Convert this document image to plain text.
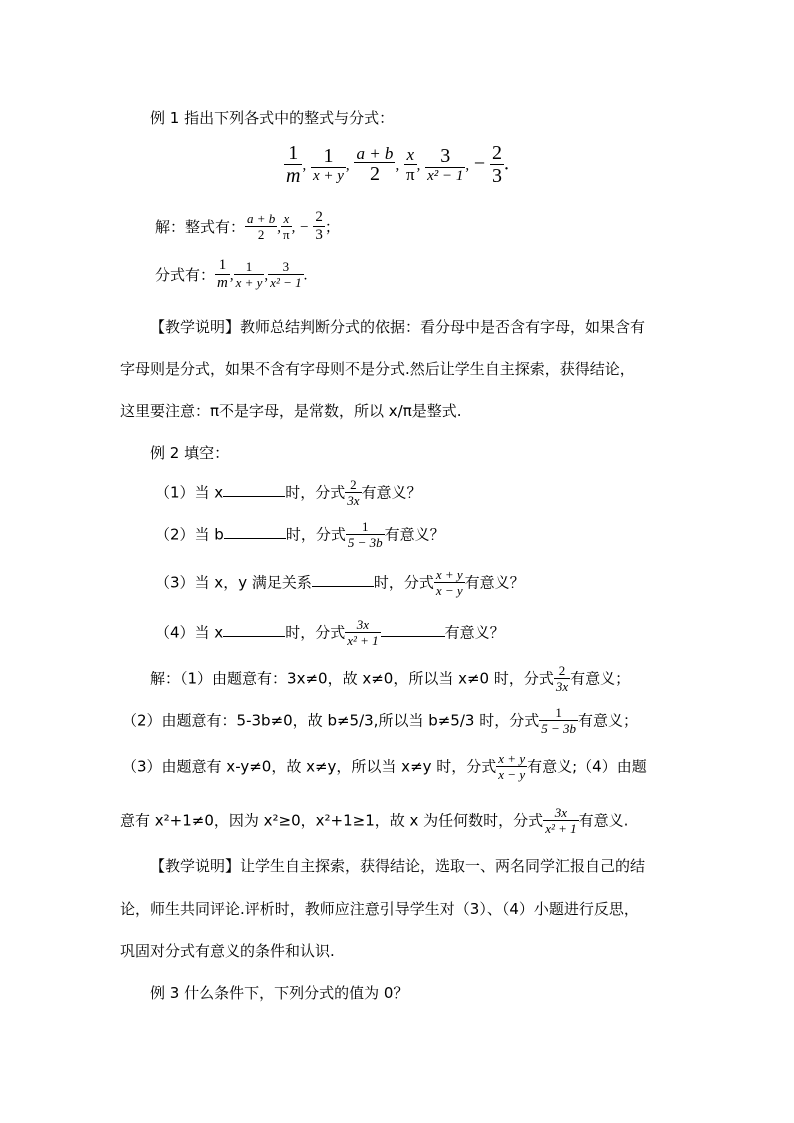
例 1 指出下列各式中的整式与分式：
$\frac{1}{m}$ , $\frac{1}{x + y}$ , $\frac{a + b}{2}$ , $\frac{x}{\pi}$ , $\frac{3}{\text{x² − 1}}$ , − $\frac{2}{3}$ .
解：整式有： $\frac{a + b}{2}$ , $\frac{x}{\pi}$ , − $\frac{2}{3}$ ；
分式有： $\frac{1}{m}$ , $\frac{1}{x + y}$ , $\frac{3}{\text{x² − 1}}$ .
【教学说明】教师总结判断分式的依据：看分母中是否含有字母，如果含有
字母则是分式，如果不含有字母则不是分式.然后让学生自主探索，获得结论，
这里要注意：π不是字母，是常数，所以 x/π是整式.
例 2 填空：
（1）当 x	时，分式 $\frac{2}{3x}$ 有意义？
（2）当 b	时，分式 $\frac{1}{5 - 3b}$ 有意义？
（3）当 x，y 满足关系	时，分式 $\frac{x + y}{x - y}$ 有意义？
（4）当 x	时，分式 $\frac{3x}{\text{x² + 1}}$	有意义？
解：（1）由题意有：3x≠0，故 x≠0，所以当 x≠0 时，分式 $\frac{2}{3x}$ 有意义；
（2）由题意有：5-3b≠0，故 b≠5/3,所以当 b≠5/3 时，分式 $\frac{1}{5 - 3b}$ 有意义；
（3）由题意有 x-y≠0，故 x≠y，所以当 x≠y 时，分式 $\frac{x + y}{x - y}$ 有意义;（4）由题
意有 x²+1≠0，因为 x²≥0，x²+1≥1，故 x 为任何数时，分式 $\frac{3x}{\text{x² + 1}}$ 有意义.
【教学说明】让学生自主探索，获得结论，选取一、两名同学汇报自己的结
论，师生共同评论.评析时，教师应注意引导学生对（3）、（4）小题进行反思，
巩固对分式有意义的条件和认识.
例 3 什么条件下，下列分式的值为 0？
